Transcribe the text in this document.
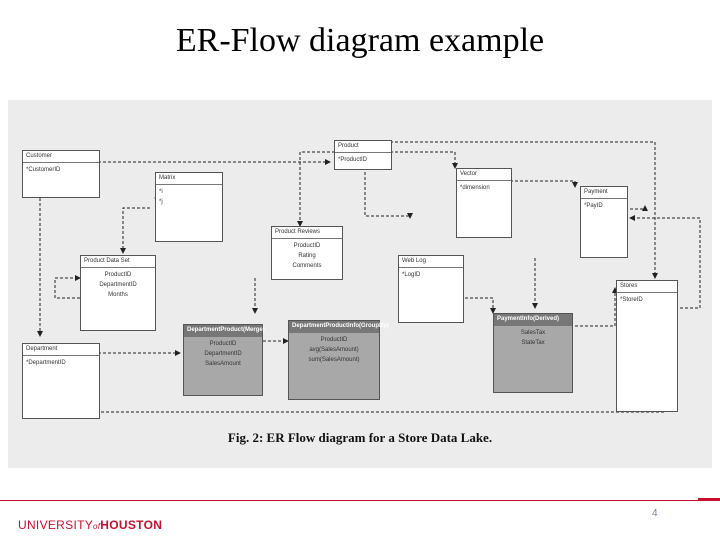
ER-Flow diagram example
Product
*ProductID
Customer
*CustomerID
Matrix
*i
*j
Vector
*dimension
Payment
*PayID
Product Reviews
ProductID
Rating
Comments
Product Data Set
ProductID
DepartmentID
Months
Web Log
*LogID
Stores
*StoreID
Department
*DepartmentID
DepartmentProduct(Merge)
ProductID
DepartmentID
SalesAmount
DepartmentProductInfo(GroupBy)
ProductID
avg(SalesAmount)
sum(SalesAmount)
PaymentInfo(Derived)
SalesTax
StateTax
Fig. 2: ER Flow diagram for a Store Data Lake.
UNIVERSITYofHOUSTON
4
